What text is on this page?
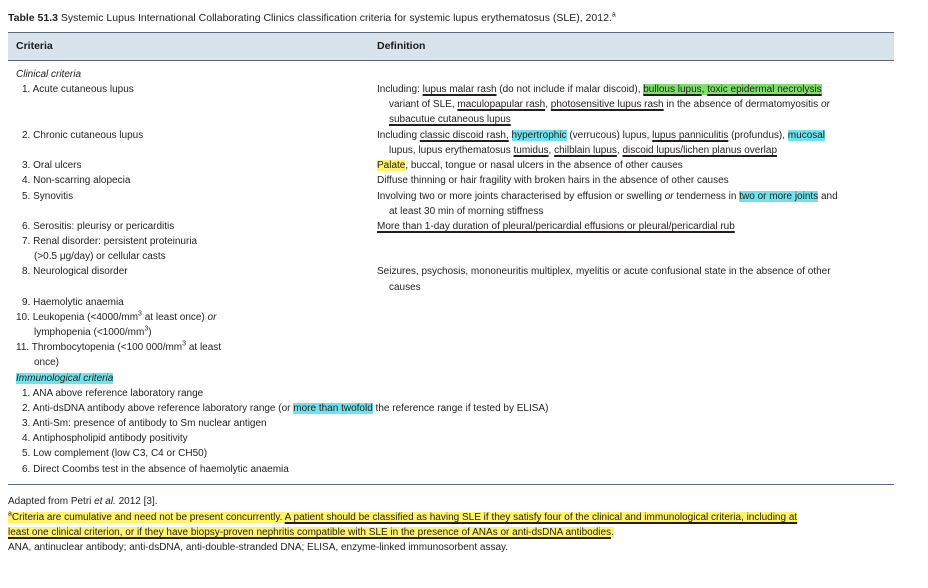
Table 51.3 Systemic Lupus International Collaborating Clinics classification criteria for systemic lupus erythematosus (SLE), 2012.$^a$
Criteria	Definition
Clinical criteria
1. Acute cutaneous lupus
2. Chronic cutaneous lupus
3. Oral ulcers
4. Non-scarring alopecia
5. Synovitis
6. Serositis: pleurisy or pericarditis
7. Renal disorder: persistent proteinuria
(>0.5 μg/day) or cellular casts
8. Neurological disorder
9. Haemolytic anaemia
10. Leukopenia ($<4000/mm^3$ at least once) or
lymphopenia $(<1000/mm^3)$
11. Thrombocytopenia (<100 $000/mm^3$ at least
once)
Including: lupus malar rash (do not include if malar discoid), bullous lupus, toxic epidermal necrolysis
variant of SLE, maculopapular rash, photosensitive lupus rash in the absence of dermatomyositis or
subacutue cutaneous lupus
Including classic discoid rash, hypertrophic (verrucous) lupus, lupus panniculitis (profundus), mucosal
lupus, lupus erythematosus tumidus, chilblain lupus, discoid lupus/lichen planus overlap
Palate, buccal, tongue or nasal ulcers in the absence of other causes
Diffuse thinning or hair fragility with broken hairs in the absence of other causes
Involving two or more joints characterised by effusion or swelling or tenderness in two or more joints and
at least 30 min of morning stiffness
More than 1-day duration of pleural/pericardial effusions or pleural/pericardial rub
Seizures, psychosis, mononeuritis multiplex, myelitis or acute confusional state in the absence of other
causes
Immunological criteria
1. ANA above reference laboratory range
2. Anti-dsDNA antibody above reference laboratory range (or more than twofold the reference range if tested by ELISA)
3. Anti-Sm: presence of antibody to Sm nuclear antigen
4. Antiphospholipid antibody positivity
5. Low complement (low C3, C4 or CH50)
6. Direct Coombs test in the absence of haemolytic anaemia
Adapted from Petri et al. 2012 [3].
$^a$Criteria are cumulative and need not be present concurrently. A patient should be classified as having SLE if they satisfy four of the clinical and immunological criteria, including at
least one clinical criterion, or if they have biopsy-proven nephritis compatible with SLE in the presence of ANAs or anti-dsDNA antibodies.
ANA, antinuclear antibody; anti-dsDNA, anti-double-stranded DNA; ELISA, enzyme-linked immunosorbent assay.
